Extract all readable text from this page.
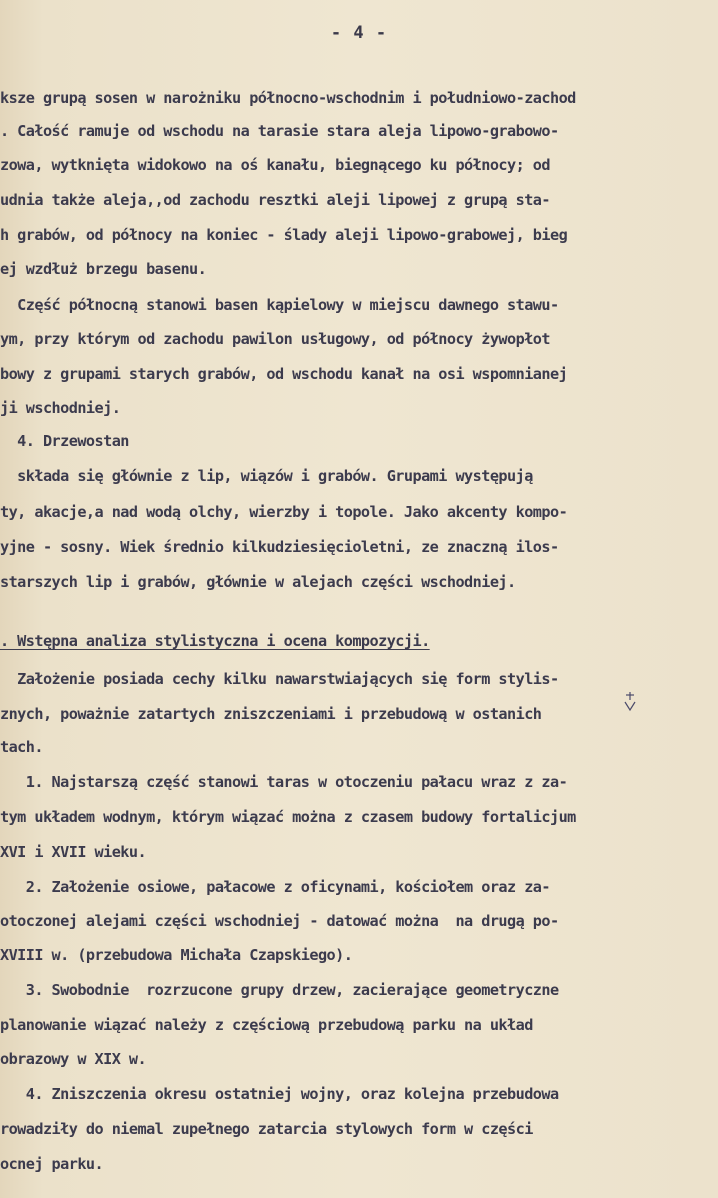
- 4 -
ksze grupą sosen w narożniku północno-wschodnim i południowo-zachod
. Całość ramuje od wschodu na tarasie stara aleja lipowo-grabowo-
zowa, wytknięta widokowo na oś kanału, biegnącego ku północy; od
udnia także aleja,,od zachodu resztki aleji lipowej z grupą sta-
h grabów, od północy na koniec - ślady aleji lipowo-grabowej, bieg
ej wzdłuż brzegu basenu.
Część północną stanowi basen kąpielowy w miejscu dawnego stawu-
ym, przy którym od zachodu pawilon usługowy, od północy żywopłot
bowy z grupami starych grabów, od wschodu kanał na osi wspomnianej
ji wschodniej.
4. Drzewostan
składa się głównie z lip, wiązów i grabów. Grupami występują
ty, akacje,a nad wodą olchy, wierzby i topole. Jako akcenty kompo-
yjne - sosny. Wiek średnio kilkudziesięcioletni, ze znaczną ilos-
starszych lip i grabów, głównie w alejach części wschodniej.
. Wstępna analiza stylistyczna i ocena kompozycji.
Założenie posiada cechy kilku nawarstwiających się form stylis-
znych, poważnie zatartych zniszczeniami i przebudową w ostanich
tach.
1. Najstarszą część stanowi taras w otoczeniu pałacu wraz z za-
tym układem wodnym, którym wiązać można z czasem budowy fortalicjum
XVI i XVII wieku.
2. Założenie osiowe, pałacowe z oficynami, kościołem oraz za-
otoczonej alejami części wschodniej - datować można  na drugą po-
XVIII w. (przebudowa Michała Czapskiego).
3. Swobodnie  rozrzucone grupy drzew, zacierające geometryczne
planowanie wiązać należy z częściową przebudową parku na układ
obrazowy w XIX w.
4. Zniszczenia okresu ostatniej wojny, oraz kolejna przebudowa
rowadziły do niemal zupełnego zatarcia stylowych form w części
ocnej parku.
